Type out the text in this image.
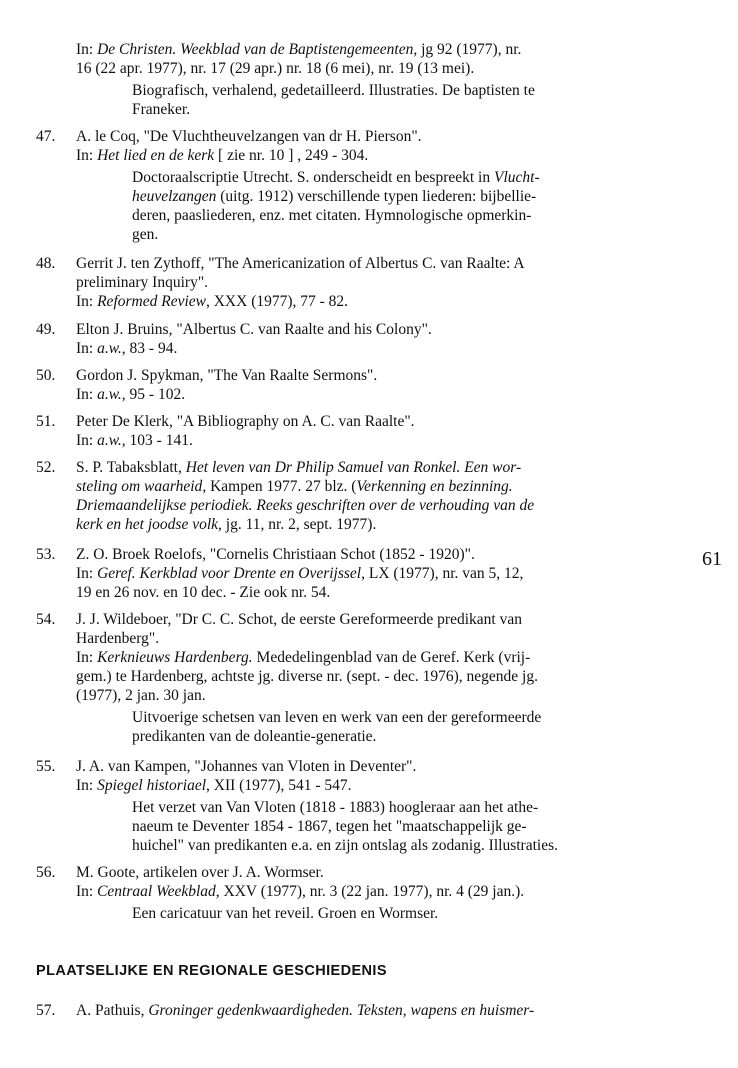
In: De Christen. Weekblad van de Baptistengemeenten, jg 92 (1977), nr.
16 (22 apr. 1977), nr. 17 (29 apr.) nr. 18 (6 mei), nr. 19 (13 mei).
Biografisch, verhalend, gedetailleerd. Illustraties. De baptisten te
Franeker.
47.	A. le Coq, "De Vluchtheuvelzangen van dr H. Pierson".
In: Het lied en de kerk [ zie nr. 10 ] , 249 - 304.
Doctoraalscriptie Utrecht. S. onderscheidt en bespreekt in Vlucht-
heuvelzangen (uitg. 1912) verschillende typen liederen: bijbellie-
deren, paasliederen, enz. met citaten. Hymnologische opmerkin-
gen.
48.	Gerrit J. ten Zythoff, "The Americanization of Albertus C. van Raalte: A
preliminary Inquiry".
In: Reformed Review, XXX (1977), 77 - 82.
49.	Elton J. Bruins, "Albertus C. van Raalte and his Colony".
In: a.w., 83 - 94.
50.	Gordon J. Spykman, "The Van Raalte Sermons".
In: a.w., 95 - 102.
51.	Peter De Klerk, "A Bibliography on A. C. van Raalte".
In: a.w., 103 - 141.
52.	S. P. Tabaksblatt, Het leven van Dr Philip Samuel van Ronkel. Een wor-
steling om waarheid, Kampen 1977. 27 blz. (Verkenning en bezinning.
Driemaandelijkse periodiek. Reeks geschriften over de verhouding van de
kerk en het joodse volk, jg. 11, nr. 2, sept. 1977).
53.	Z. O. Broek Roelofs, "Cornelis Christiaan Schot (1852 - 1920)".
In: Geref. Kerkblad voor Drente en Overijssel, LX (1977), nr. van 5, 12,
19 en 26 nov. en 10 dec. - Zie ook nr. 54.
54.	J. J. Wildeboer, "Dr C. C. Schot, de eerste Gereformeerde predikant van
Hardenberg".
In: Kerknieuws Hardenberg. Mededelingenblad van de Geref. Kerk (vrij-
gem.) te Hardenberg, achtste jg. diverse nr. (sept. - dec. 1976), negende jg.
(1977), 2 jan. 30 jan.
Uitvoerige schetsen van leven en werk van een der gereformeerde
predikanten van de doleantie-generatie.
55.	J. A. van Kampen, "Johannes van Vloten in Deventer".
In: Spiegel historiael, XII (1977), 541 - 547.
Het verzet van Van Vloten (1818 - 1883) hoogleraar aan het athe-
naeum te Deventer 1854 - 1867, tegen het "maatschappelijk ge-
huichel" van predikanten e.a. en zijn ontslag als zodanig. Illustraties.
56.	M. Goote, artikelen over J. A. Wormser.
In: Centraal Weekblad, XXV (1977), nr. 3 (22 jan. 1977), nr. 4 (29 jan.).
Een caricatuur van het reveil. Groen en Wormser.
PLAATSELIJKE EN REGIONALE GESCHIEDENIS
57.	A. Pathuis, Groninger gedenkwaardigheden. Teksten, wapens en huismer-
61
